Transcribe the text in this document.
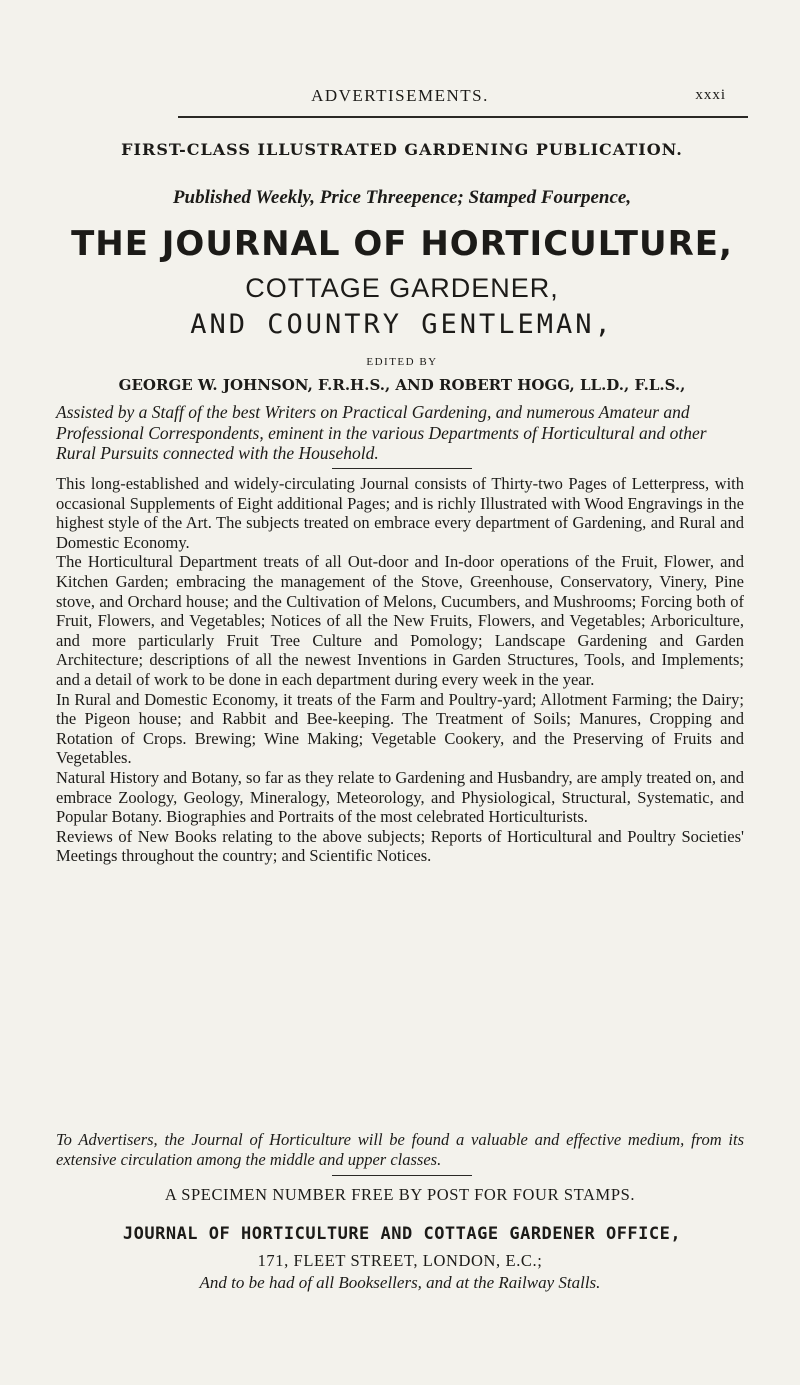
ADVERTISEMENTS.	xxxi
FIRST-CLASS ILLUSTRATED GARDENING PUBLICATION.
Published Weekly, Price Threepence; Stamped Fourpence,
THE JOURNAL OF HORTICULTURE,
COTTAGE GARDENER,
AND COUNTRY GENTLEMAN,
EDITED BY
GEORGE W. JOHNSON, F.R.H.S., AND ROBERT HOGG, LL.D., F.L.S.,
Assisted by a Staff of the best Writers on Practical Gardening, and numerous Amateur and Professional Correspondents, eminent in the various Departments of Horticultural and other Rural Pursuits connected with the Household.

This long-established and widely-circulating Journal consists of Thirty-two Pages of Letterpress, with occasional Supplements of Eight additional Pages; and is richly Illustrated with Wood Engravings in the highest style of the Art. The subjects treated on embrace every department of Gardening, and Rural and Domestic Economy.

The Horticultural Department treats of all Out-door and In-door operations of the Fruit, Flower, and Kitchen Garden; embracing the management of the Stove, Greenhouse, Conservatory, Vinery, Pine stove, and Orchard house; and the Cultivation of Melons, Cucumbers, and Mushrooms; Forcing both of Fruit, Flowers, and Vegetables; Notices of all the New Fruits, Flowers, and Vegetables; Arboriculture, and more particularly Fruit Tree Culture and Pomology; Landscape Gardening and Garden Architecture; descriptions of all the newest Inventions in Garden Structures, Tools, and Implements; and a detail of work to be done in each department during every week in the year.

In Rural and Domestic Economy, it treats of the Farm and Poultry-yard; Allotment Farming; the Dairy; the Pigeon house; and Rabbit and Bee-keeping. The Treatment of Soils; Manures, Cropping and Rotation of Crops. Brewing; Wine Making; Vegetable Cookery, and the Preserving of Fruits and Vegetables.

Natural History and Botany, so far as they relate to Gardening and Husbandry, are amply treated on, and embrace Zoology, Geology, Mineralogy, Meteorology, and Physiological, Structural, Systematic, and Popular Botany. Biographies and Portraits of the most celebrated Horticulturists.

Reviews of New Books relating to the above subjects; Reports of Horticultural and Poultry Societies' Meetings throughout the country; and Scientific Notices.

To Advertisers, the Journal of Horticulture will be found a valuable and effective medium, from its extensive circulation among the middle and upper classes.
A SPECIMEN NUMBER FREE BY POST FOR FOUR STAMPS.
JOURNAL OF HORTICULTURE AND COTTAGE GARDENER OFFICE,
171, FLEET STREET, LONDON, E.C.;
And to be had of all Booksellers, and at the Railway Stalls.
